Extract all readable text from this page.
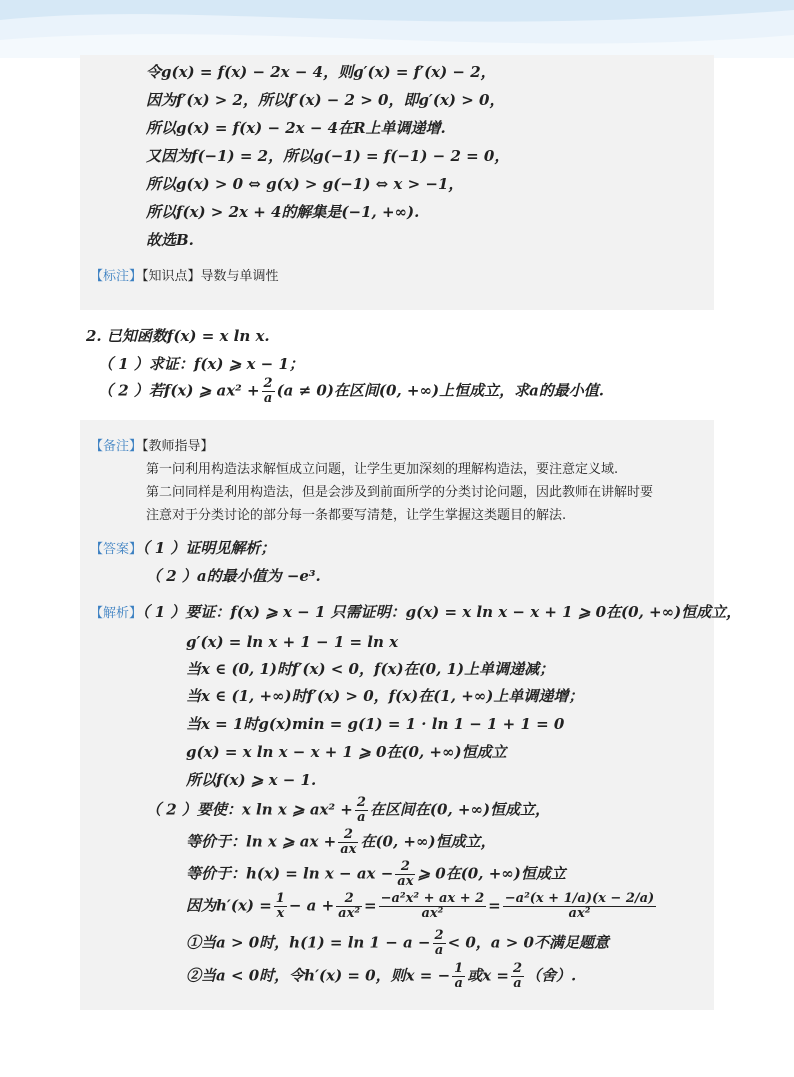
令g(x) = f(x) − 2x − 4，则g′(x) = f′(x) − 2，
因为f′(x) > 2，所以f′(x) − 2 > 0，即g′(x) > 0，
所以g(x) = f(x) − 2x − 4在R上单调递增.
又因为f(−1) = 2，所以g(−1) = f(−1) − 2 = 0，
所以g(x) > 0 ⇔ g(x) > g(−1) ⇔ x > −1，
所以f(x) > 2x + 4的解集是(−1, +∞).
故选B.
【标注】【知识点】导数与单调性
2. 已知函数f(x) = x ln x.
（ 1 ）求证：f(x) ⩾ x − 1；
（ 2 ）若f(x) ⩾ $ax^2 + \frac{2}{a} (a \ne 0)$在区间(0, +∞)上恒成立，求a的最小值.
【备注】【教师指导】
第一问利用构造法求解恒成立问题，让学生更加深刻的理解构造法，要注意定义域.
第二问同样是利用构造法，但是会涉及到前面所学的分类讨论问题，因此教师在讲解时要
注意对于分类讨论的部分每一条都要写清楚，让学生掌握这类题目的解法.
【答案】（ 1 ）证明见解析；
（ 2 ）a的最小值为 −e³.
【解析】（ 1 ）要证：f(x) ⩾ x − 1 只需证明：g(x) = x ln x − x + 1 ⩾ 0在(0, +∞)恒成立，
g′(x) = ln x + 1 − 1 = ln x
当x ∈ (0, 1)时f′(x) < 0，f(x)在(0, 1)上单调递减；
当x ∈ (1, +∞)时f′(x) > 0，f(x)在(1, +∞)上单调递增；
当x = 1时g(x)min = g(1) = 1 · ln 1 − 1 + 1 = 0
g(x) = x ln x − x + 1 ⩾ 0在(0, +∞)恒成立
所以f(x) ⩾ x − 1.
（ 2 ）要使：x ln x ⩾ $ax^2 + \frac{2}{a}$ 在区间在(0, +∞)恒成立，
等价于：ln x ⩾ ax + $\frac{2}{ax}$ 在(0, +∞)恒成立，
等价于：h(x) = ln x − ax − $\frac{2}{ax}$ ⩾ 0在(0, +∞)恒成立
因为$h'(x) = \frac{1}{x} - a + \frac{2}{\text{ax²}} = \frac{\text{−a²x² + ax + 2}}{\text{ax²}} = \frac{\text{−a²(x + 1/a)(x − 2/a)}}{\text{ax²}}$
①当a > 0时，$h(1) = \ln 1 - a - \frac{2}{a} < 0$，a > 0不满足题意
②当a < 0时，令h′(x) = 0，则x = − $\frac{1}{a}$ 或$x = \frac{2}{a}$ （舍）.
